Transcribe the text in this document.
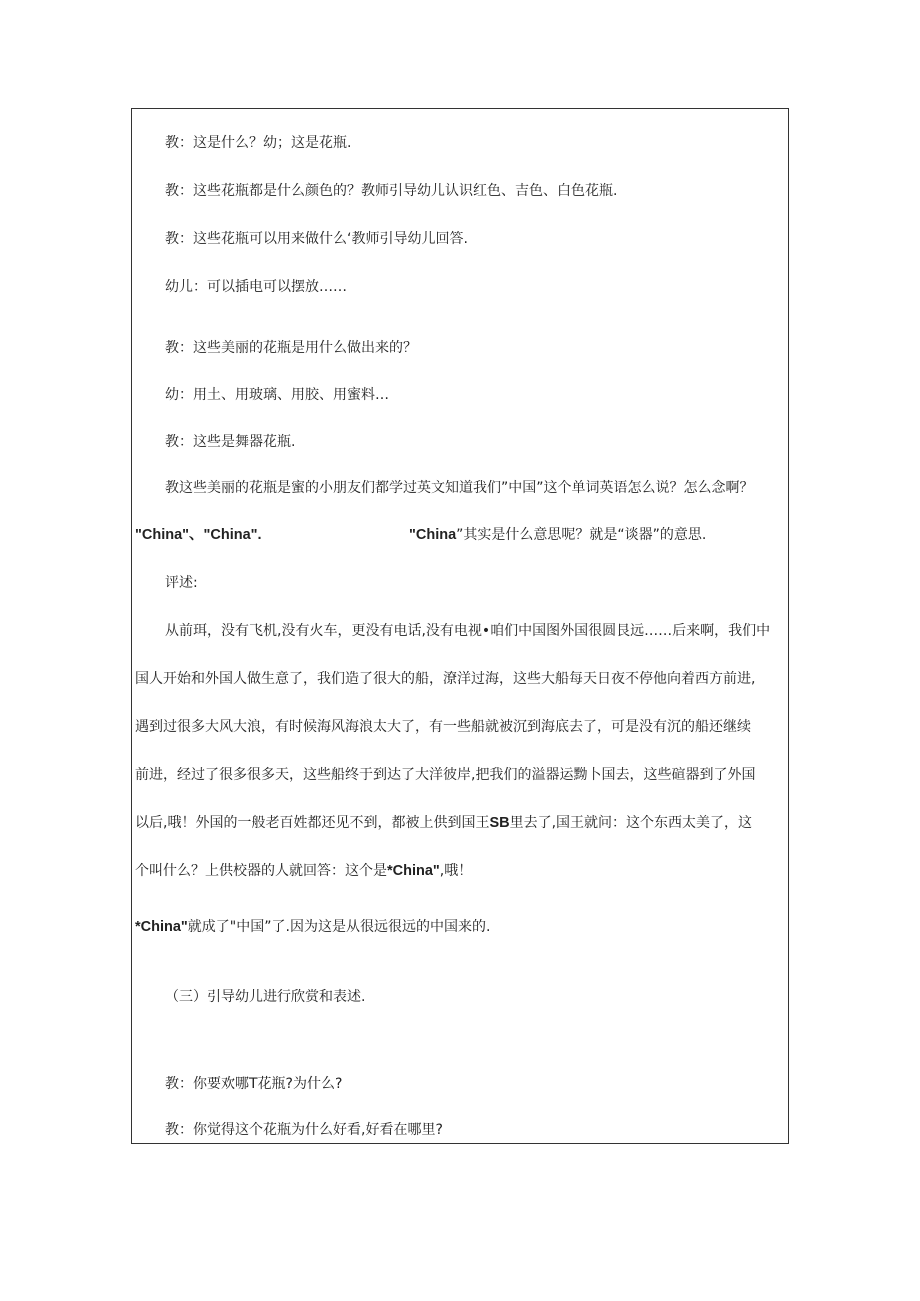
教：这是什么？幼；这是花瓶.
教：这些花瓶都是什么颜色的？教师引导幼儿认识红色、吉色、白色花瓶.
教：这些花瓶可以用来做什么‘教师引导幼儿回答.
幼儿：可以插电可以摆放……
教：这些美丽的花瓶是用什么做出来的？
幼：用土、用玻璃、用胶、用蜜料…
教：这些是舞器花瓶.
教这些美丽的花瓶是蜜的小朋友们都学过英文知道我们”中国”这个单词英语怎么说？怎么念啊？
"China"、"China".	"China”其实是什么意思呢？就是“谈器”的意思.
评述:
从前珥，没有飞机,没有火车，更没有电话,没有电视•咱们中国图外国很圆艮远……后来啊，我们中
国人开始和外国人做生意了，我们造了很大的船，潦洋过海，这些大船每天日夜不停他向着西方前进,
遇到过很多大风大浪，有时候海风海浪太大了，有一些船就被沉到海底去了，可是没有沉的船还继续
前进，经过了很多很多天，这些船终于到达了大洋彼岸,把我们的溢器运黝卜国去，这些碹器到了外国
以后,哦！外国的一般老百姓都还见不到，都被上供到国王SB里去了,国王就问：这个东西太美了，这
个叫什么？上供校器的人就回答：这个是*China",哦！
*China"就成了"中国”了.因为这是从很远很远的中国来的.
（三）引导幼儿进行欣赏和表述.
教：你要欢哪T花瓶?为什么?
教：你觉得这个花瓶为什么好看,好看在哪里?
